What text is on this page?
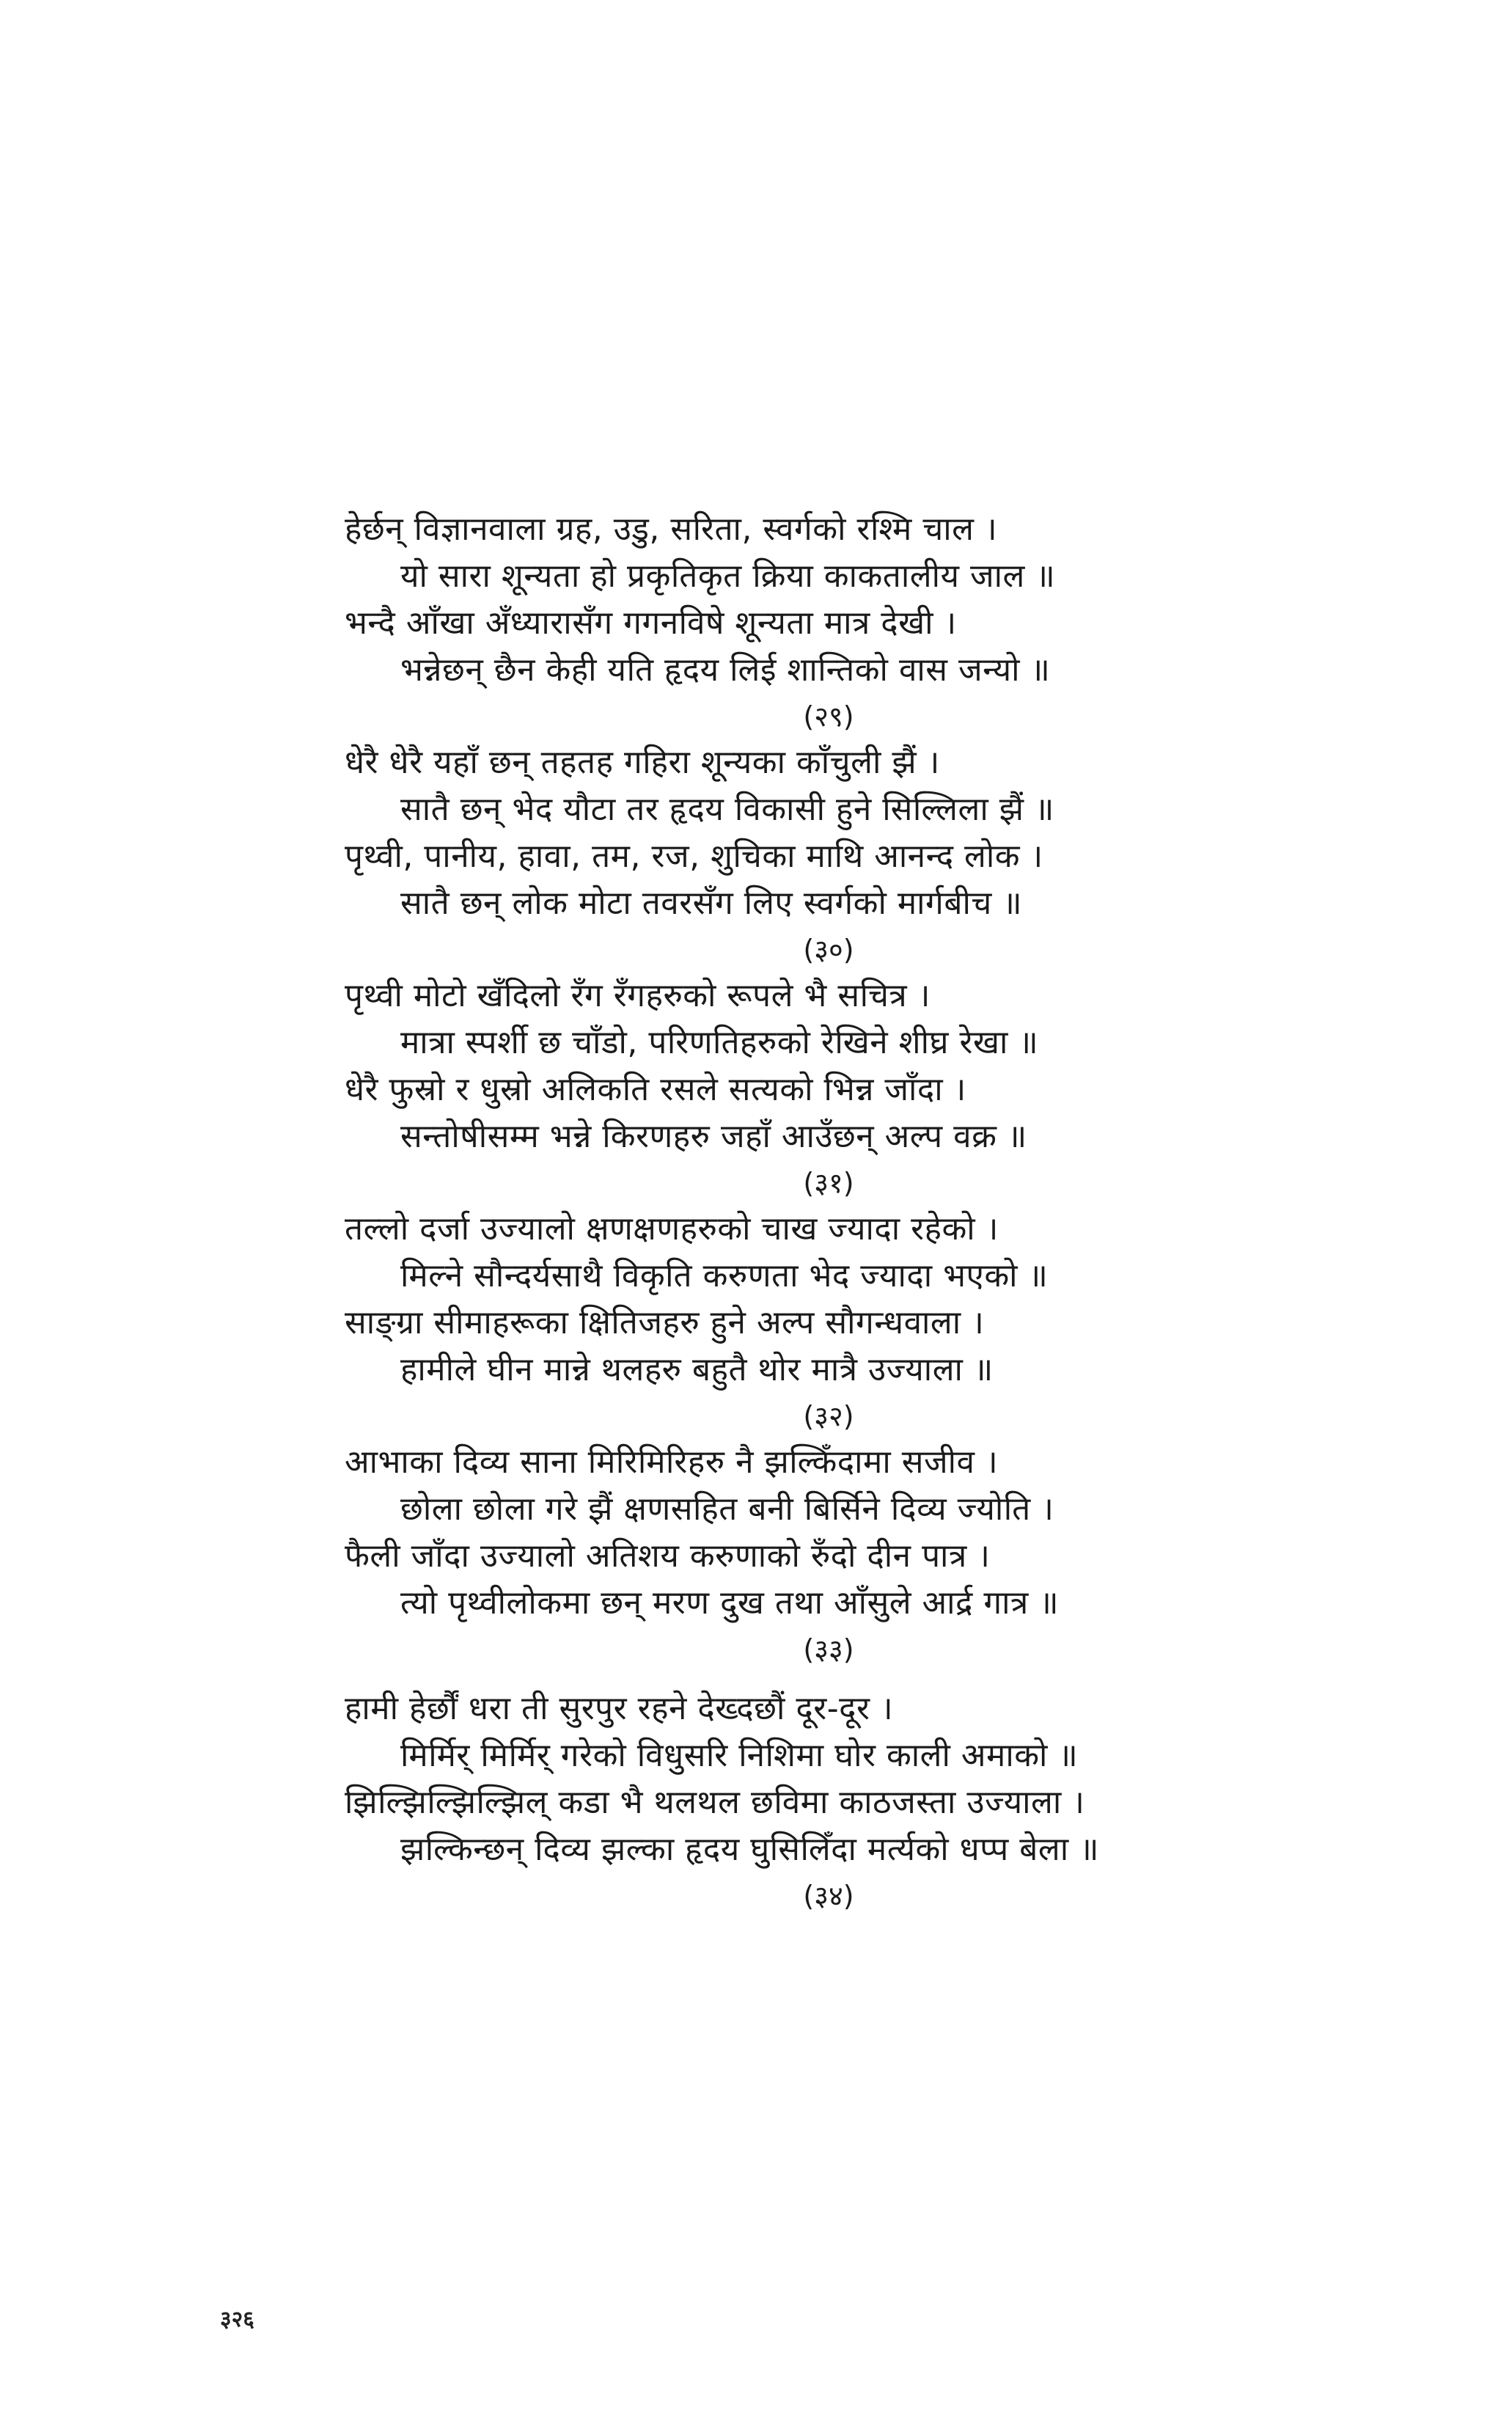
हेर्छन् विज्ञानवाला ग्रह, उडु, सरिता, स्वर्गको रश्मि चाल ।
यो सारा शून्यता हो प्रकृतिकृत क्रिया काकतालीय जाल ॥
भन्दै आँखा अँध्यारासँग गगनविषे शून्यता मात्र देखी ।
भन्नेछन् छैन केही यति हृदय लिई शान्तिको वास जन्यो ॥
(२९)
धेरै धेरै यहाँ छन् तहतह गहिरा शून्यका काँचुली झैं ।
सातै छन् भेद यौटा तर हृदय विकासी हुने सिल्लिला झैं ॥
पृथ्वी, पानीय, हावा, तम, रज, शुचिका माथि आनन्द लोक ।
सातै छन् लोक मोटा तवरसँग लिए स्वर्गको मार्गबीच ॥
(३०)
पृथ्वी मोटो खँदिलो रँग रँगहरुको रूपले भै सचित्र ।
मात्रा स्पर्शी छ चाँडो, परिणतिहरुको रेखिने शीघ्र रेखा ॥
धेरै फुस्रो र धुस्रो अलिकति रसले सत्यको भिन्न जाँदा ।
सन्तोषीसम्म भन्ने किरणहरु जहाँ आउँछन् अल्प वक्र ॥
(३१)
तल्लो दर्जा उज्यालो क्षणक्षणहरुको चाख ज्यादा रहेको ।
मिल्ने सौन्दर्यसाथै विकृति करुणता भेद ज्यादा भएको ॥
साङ्ग्रा सीमाहरूका क्षितिजहरु हुने अल्प सौगन्धवाला ।
हामीले घीन मान्ने थलहरु बहुतै थोर मात्रै उज्याला ॥
(३२)
आभाका दिव्य साना मिरिमिरिहरु नै झल्किँदामा सजीव ।
छोला छोला गरे झैं क्षणसहित बनी बिर्सिने दिव्य ज्योति ।
फैली जाँदा उज्यालो अतिशय करुणाको रुँदो दीन पात्र ।
त्यो पृथ्वीलोकमा छन् मरण दुख तथा आँसुले आर्द्र गात्र ॥
(३३)
हामी हेर्छौं धरा ती सुरपुर रहने देख्दछौं दूर-दूर ।
मिर्मिर् मिर्मिर् गरेको विधुसरि निशिमा घोर काली अमाको ॥
झिल्झिल्झिल्झिल् कडा भै थलथल छविमा काठजस्ता उज्याला ।
झल्किन्छन् दिव्य झल्का हृदय घुसिलिँदा मर्त्यको धप्प बेला ॥
(३४)
३२६
